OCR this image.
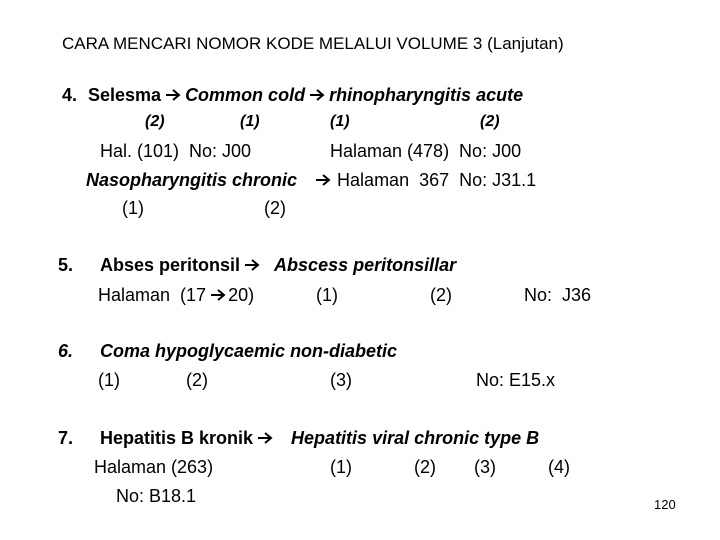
CARA MENCARI NOMOR KODE MELALUI VOLUME 3 (Lanjutan)
4. Selesma Common cold rhinopharyngitis acute
(2)	(1)	(1)	(2)
Hal. (101)  No: J00	Halaman (478)  No: J00
Nasopharyngitis chronic Halaman  367  No: J31.1
(1)	(2)
5. Abses peritonsil Abscess peritonsillar
Halaman  (17 20)	(1)	(2)	No:  J36
6. Coma hypoglycaemic non-diabetic
(1)	(2)	(3)	No: E15.x
7. Hepatitis B kronik Hepatitis viral chronic type B
Halaman (263)	(1)	(2) (3)	(4)
No: B18.1	120
